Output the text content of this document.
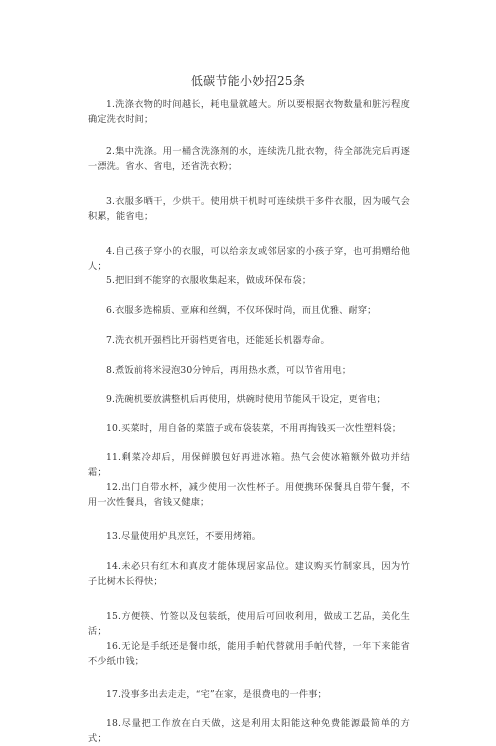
低碳节能小妙招25条

1.洗涤衣物的时间越长，耗电量就越大。所以要根据衣物数量和脏污程度确定洗衣时间；

2.集中洗涤。用一桶含洗涤剂的水，连续洗几批衣物，待全部洗完后再逐一漂洗。省水、省电，还省洗衣粉；

3.衣服多晒干，少烘干。使用烘干机时可连续烘干多件衣服，因为暖气会积累，能省电；

4.自己孩子穿小的衣服，可以给亲友或邻居家的小孩子穿，也可捐赠给他人；

5.把旧到不能穿的衣服收集起来，做成环保布袋；

6.衣服多选棉质、亚麻和丝绸，不仅环保时尚，而且优雅、耐穿；

7.洗衣机开强档比开弱档更省电，还能延长机器寿命。

8.煮饭前将米浸泡30分钟后，再用热水煮，可以节省用电；

9.洗碗机要放满整机后再使用，烘碗时使用节能风干设定，更省电；

10.买菜时，用自备的菜篮子或布袋装菜，不用再掏钱买一次性塑料袋；

11.剩菜冷却后，用保鲜膜包好再进冰箱。热气会使冰箱额外做功并结霜；

12.出门自带水杯，减少使用一次性杯子。用便携环保餐具自带午餐，不用一次性餐具，省钱又健康；

13.尽量使用炉具烹饪，不要用烤箱。

14.未必只有红木和真皮才能体现居家品位。建议购买竹制家具，因为竹子比树木长得快；

15.方便筷、竹签以及包装纸，使用后可回收利用，做成工艺品，美化生活；

16.无论是手纸还是餐巾纸，能用手帕代替就用手帕代替，一年下来能省不少纸巾钱；

17.没事多出去走走，“宅”在家，是很费电的一件事；

18.尽量把工作放在白天做，这是利用太阳能这种免费能源最简单的方式；
